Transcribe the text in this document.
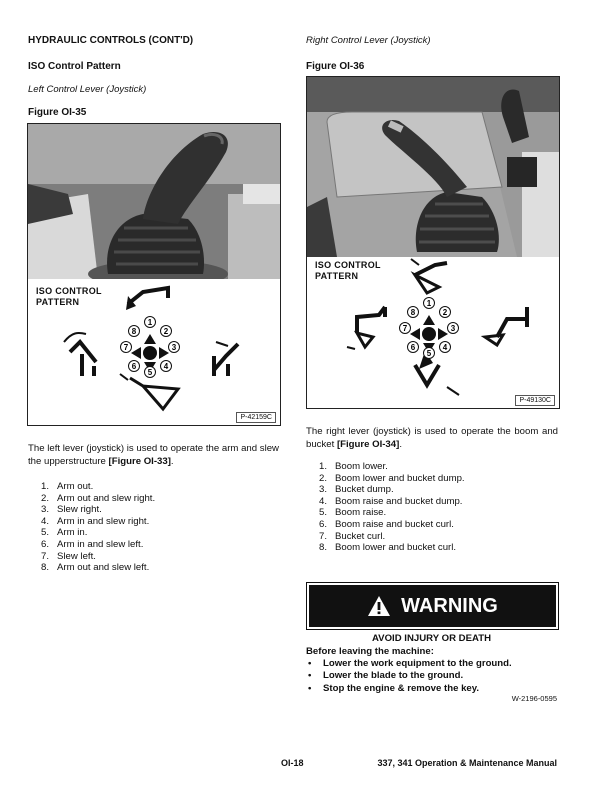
HYDRAULIC CONTROLS (CONT'D)
ISO Control Pattern
Left Control Lever (Joystick)
Figure OI-35
ISO CONTROL
PATTERN
1
2
3
4
5
6
7
8
P-42159C
The left lever (joystick) is used to operate the arm and slew the upperstructure [Figure OI-33].
1. Arm out.
2. Arm out and slew right.
3. Slew right.
4. Arm in and slew right.
5. Arm in.
6. Arm in and slew left.
7. Slew left.
8. Arm out and slew left.
Right Control Lever (Joystick)
Figure OI-36
ISO CONTROL
PATTERN
1
2
3
4
5
6
7
8
P-49130C
The right lever (joystick) is used to operate the boom and bucket [Figure OI-34].
1. Boom lower.
2. Boom lower and bucket dump.
3. Bucket dump.
4. Boom raise and bucket dump.
5. Boom raise.
6. Boom raise and bucket curl.
7. Bucket curl.
8. Boom lower and bucket curl.
WARNING
AVOID INJURY OR DEATH
Before leaving the machine:
• Lower the work equipment to the ground.
• Lower the blade to the ground.
• Stop the engine & remove the key.
W-2196-0595
OI-18	337, 341 Operation & Maintenance Manual
